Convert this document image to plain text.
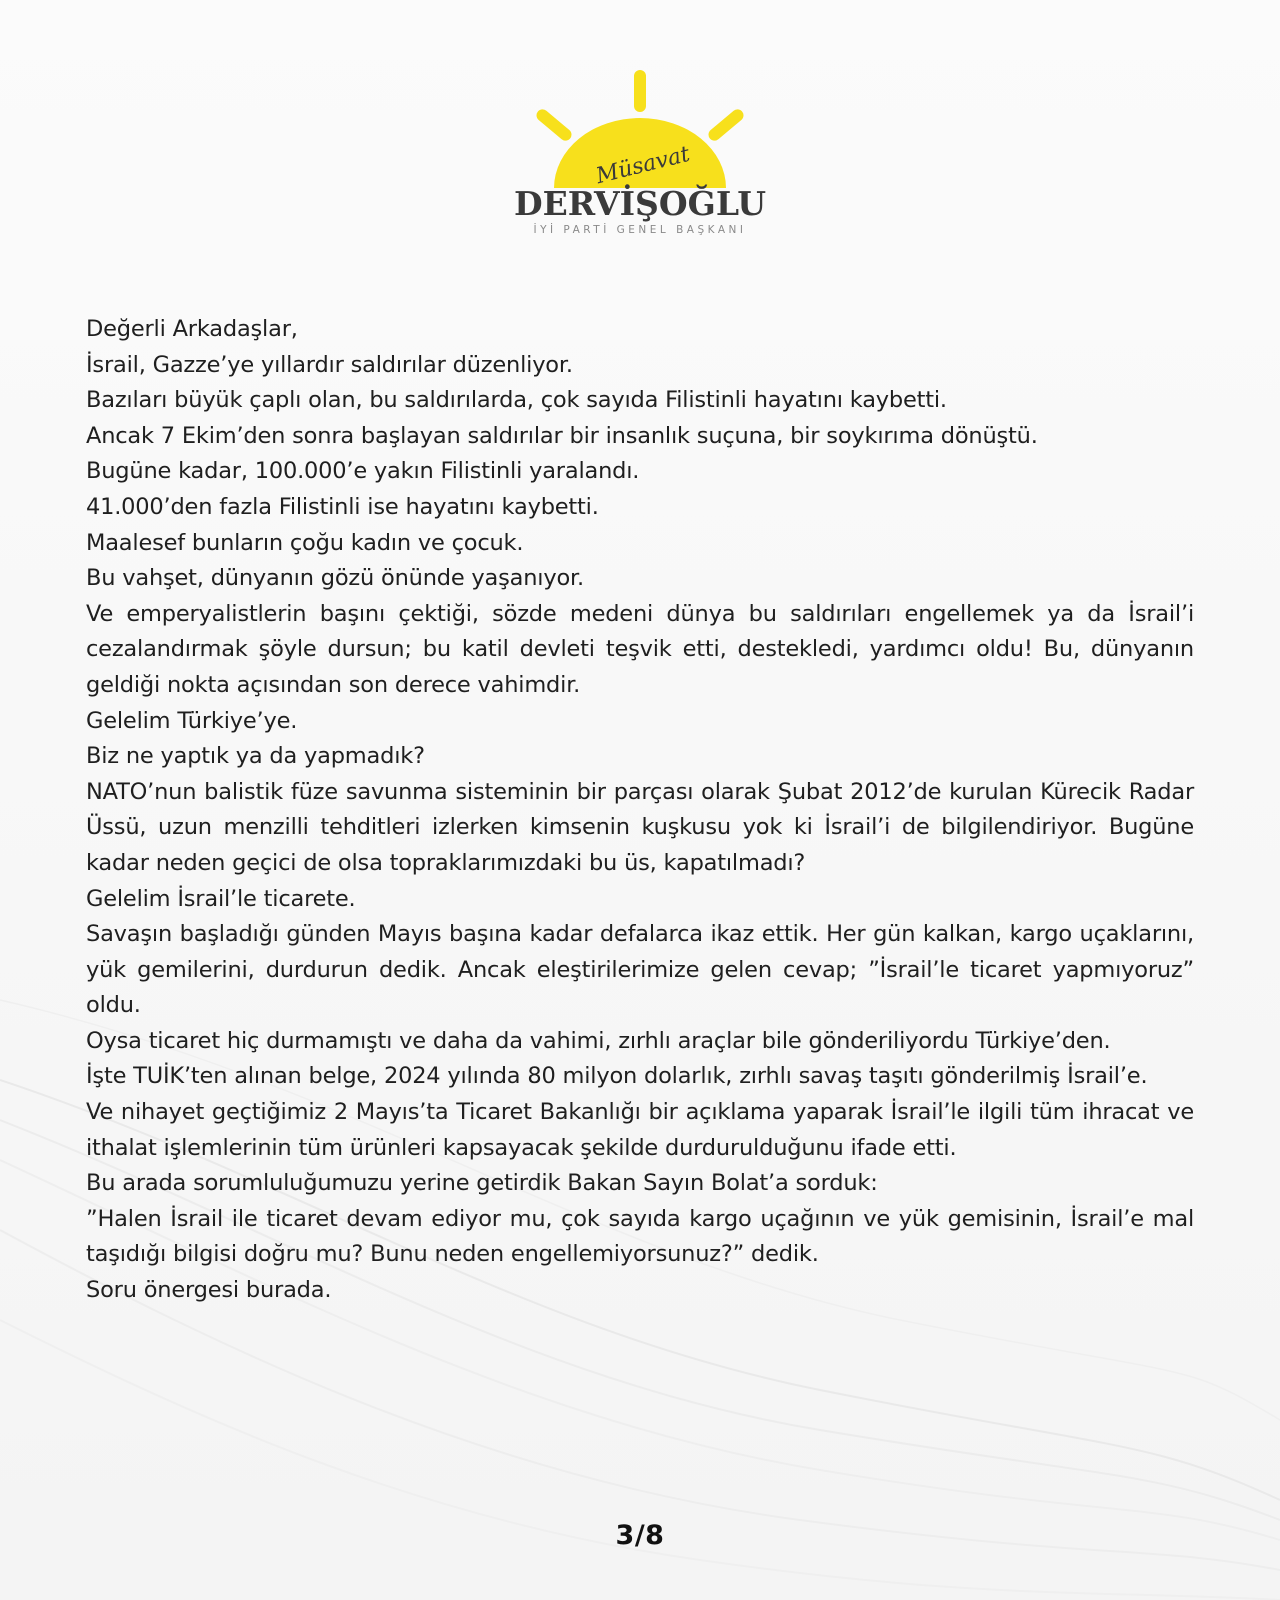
Müsavat
DERVİŞOĞLU
İYİ PARTİ GENEL BAŞKANI

Değerli Arkadaşlar,

İsrail, Gazze’ye yıllardır saldırılar düzenliyor.

Bazıları büyük çaplı olan, bu saldırılarda, çok sayıda Filistinli hayatını kaybetti.

Ancak 7 Ekim’den sonra başlayan saldırılar bir insanlık suçuna, bir soykırıma dönüştü.

Bugüne kadar, 100.000’e yakın Filistinli yaralandı.

41.000’den fazla Filistinli ise hayatını kaybetti.

Maalesef bunların çoğu kadın ve çocuk.

Bu vahşet, dünyanın gözü önünde yaşanıyor.

Ve emperyalistlerin başını çektiği, sözde medeni dünya bu saldırıları engellemek ya da İsrail’i cezalandırmak şöyle dursun; bu katil devleti teşvik etti, destekledi, yardımcı oldu! Bu, dünyanın geldiği nokta açısından son derece vahimdir.

Gelelim Türkiye’ye.

Biz ne yaptık ya da yapmadık?

NATO’nun balistik füze savunma sisteminin bir parçası olarak Şubat 2012’de kurulan Kürecik Radar Üssü, uzun menzilli tehditleri izlerken kimsenin kuşkusu yok ki İsrail’i de bilgilendiriyor. Bugüne kadar neden geçici de olsa topraklarımızdaki bu üs, kapatılmadı?

Gelelim İsrail’le ticarete.

Savaşın başladığı günden Mayıs başına kadar defalarca ikaz ettik. Her gün kalkan, kargo uçaklarını, yük gemilerini, durdurun dedik. Ancak eleştirilerimize gelen cevap; ”İsrail’le ticaret yapmıyoruz” oldu.

Oysa ticaret hiç durmamıştı ve daha da vahimi, zırhlı araçlar bile gönderiliyordu Türkiye’den.

İşte TUİK’ten alınan belge, 2024 yılında 80 milyon dolarlık, zırhlı savaş taşıtı gönderilmiş İsrail’e.

Ve nihayet geçtiğimiz 2 Mayıs’ta Ticaret Bakanlığı bir açıklama yaparak İsrail’le ilgili tüm ihracat ve ithalat işlemlerinin tüm ürünleri kapsayacak şekilde durdurulduğunu ifade etti.

Bu arada sorumluluğumuzu yerine getirdik Bakan Sayın Bolat’a sorduk:

”Halen İsrail ile ticaret devam ediyor mu, çok sayıda kargo uçağının ve yük gemisinin, İsrail’e mal taşıdığı bilgisi doğru mu? Bunu neden engellemiyorsunuz?” dedik.

Soru önergesi burada.

3/8
